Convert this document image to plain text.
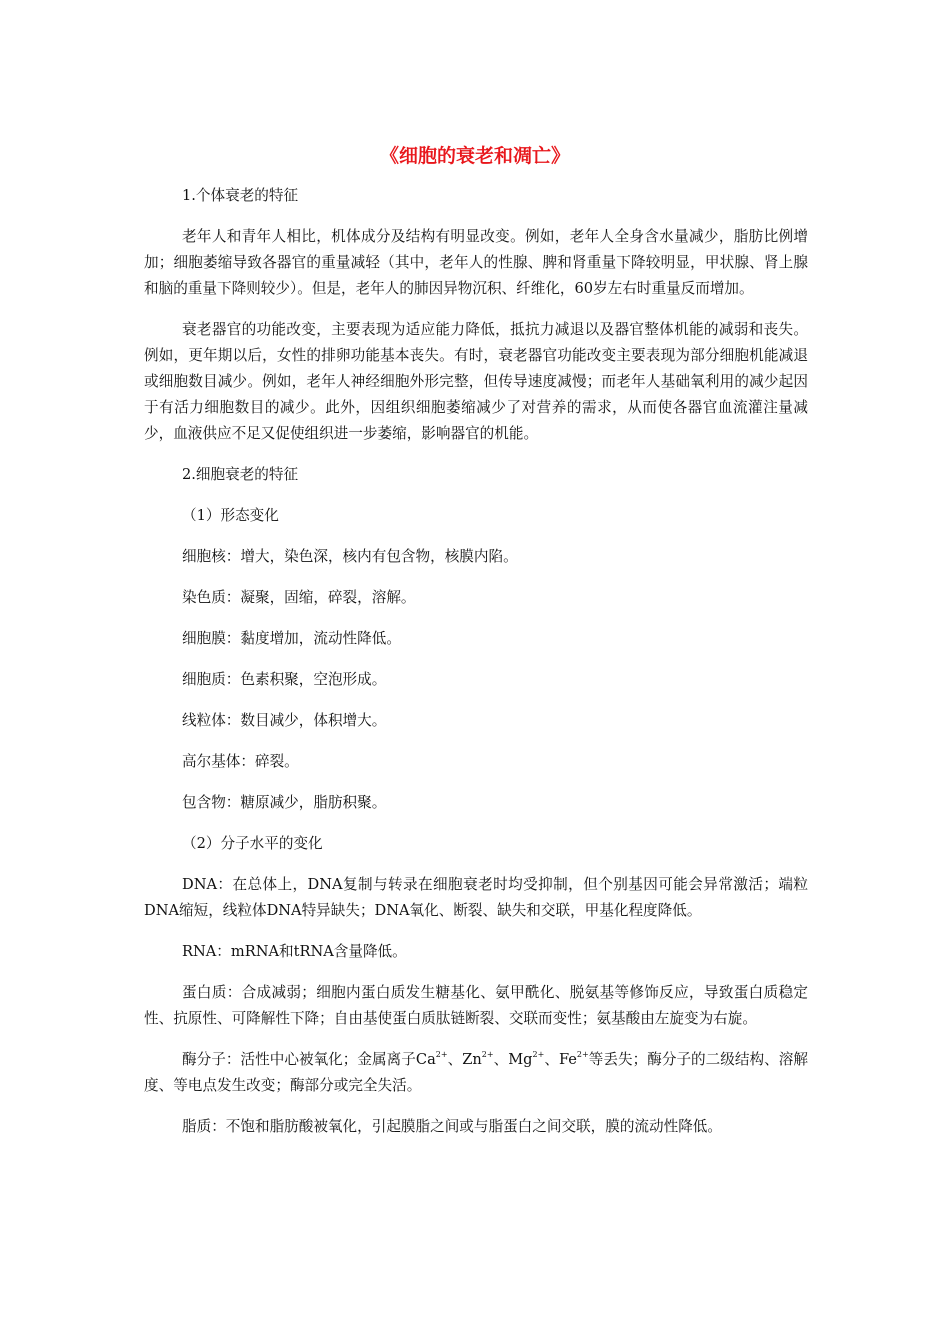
《细胞的衰老和凋亡》

1.个体衰老的特征

老年人和青年人相比，机体成分及结构有明显改变。例如，老年人全身含水量减少，脂肪比例增加；细胞萎缩导致各器官的重量减轻（其中，老年人的性腺、脾和肾重量下降较明显，甲状腺、肾上腺和脑的重量下降则较少）。但是，老年人的肺因异物沉积、纤维化，60岁左右时重量反而增加。

衰老器官的功能改变，主要表现为适应能力降低，抵抗力减退以及器官整体机能的减弱和丧失。例如，更年期以后，女性的排卵功能基本丧失。有时，衰老器官功能改变主要表现为部分细胞机能减退或细胞数目减少。例如，老年人神经细胞外形完整，但传导速度减慢；而老年人基础氧利用的减少起因于有活力细胞数目的减少。此外，因组织细胞萎缩减少了对营养的需求，从而使各器官血流灌注量减少，血液供应不足又促使组织进一步萎缩，影响器官的机能。

2.细胞衰老的特征

（1）形态变化

细胞核：增大，染色深，核内有包含物，核膜内陷。

染色质：凝聚，固缩，碎裂，溶解。

细胞膜：黏度增加，流动性降低。

细胞质：色素积聚，空泡形成。

线粒体：数目减少，体积增大。

高尔基体：碎裂。

包含物：糖原减少，脂肪积聚。

（2）分子水平的变化

DNA：在总体上，DNA复制与转录在细胞衰老时均受抑制，但个别基因可能会异常激活；端粒DNA缩短，线粒体DNA特异缺失；DNA氧化、断裂、缺失和交联，甲基化程度降低。

RNA：mRNA和tRNA含量降低。

蛋白质：合成减弱；细胞内蛋白质发生糖基化、氨甲酰化、脱氨基等修饰反应，导致蛋白质稳定性、抗原性、可降解性下降；自由基使蛋白质肽链断裂、交联而变性；氨基酸由左旋变为右旋。

酶分子：活性中心被氧化；金属离子$Ca^{2+}$、$Zn^{2+}$、$Mg^{2+}$、$Fe^{2+}$等丢失；酶分子的二级结构、溶解度、等电点发生改变；酶部分或完全失活。

脂质：不饱和脂肪酸被氧化，引起膜脂之间或与脂蛋白之间交联，膜的流动性降低。
